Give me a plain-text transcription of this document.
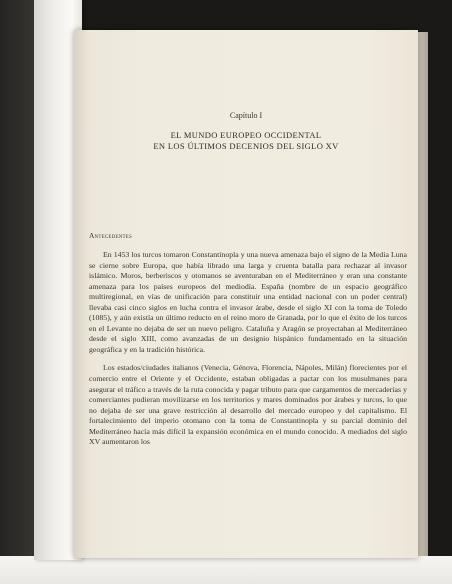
Capítulo I
EL MUNDO EUROPEO OCCIDENTAL
EN LOS ÚLTIMOS DECENIOS DEL SIGLO XV
Antecedentes

En 1453 los turcos tomaron Constantinopla y una nueva amenaza bajo el signo de la Media Luna se cierne sobre Europa, que había librado una larga y cruenta batalla para rechazar al invasor islámico. Moros, berberiscos y otomanos se aventuraban en el Mediterráneo y eran una constante amenaza para los países europeos del mediodía. España (nombre de un espacio geográfico multiregional, en vías de unificación para constituir una entidad nacional con un poder central) llevaba casi cinco siglos en lucha contra el invasor árabe, desde el siglo XI con la toma de Toledo (1085), y aún existía un último reducto en el reino moro de Granada, por lo que el éxito de los turcos en el Levante no dejaba de ser un nuevo peligro. Cataluña y Aragón se proyectaban al Mediterráneo desde el siglo XIII, como avanzadas de un designio hispánico fundamentado en la situación geográfica y en la tradición histórica.

Los estados/ciudades italianos (Venecia, Génova, Florencia, Nápoles, Milán) florecientes por el comercio entre el Oriente y el Occidente, estaban obligadas a pactar con los musulmanes para asegurar el tráfico a través de la ruta conocida y pagar tributo para que cargamentos de mercaderías y comerciantes pudieran movilizarse en los territorios y mares dominados por árabes y turcos, lo que no dejaba de ser una grave restricción al desarrollo del mercado europeo y del capitalismo. El fortalecimiento del imperio otomano con la toma de Constantinopla y su parcial dominio del Mediterráneo hacía más difícil la expansión económica en el mundo conocido. A mediados del siglo XV aumentaron los
